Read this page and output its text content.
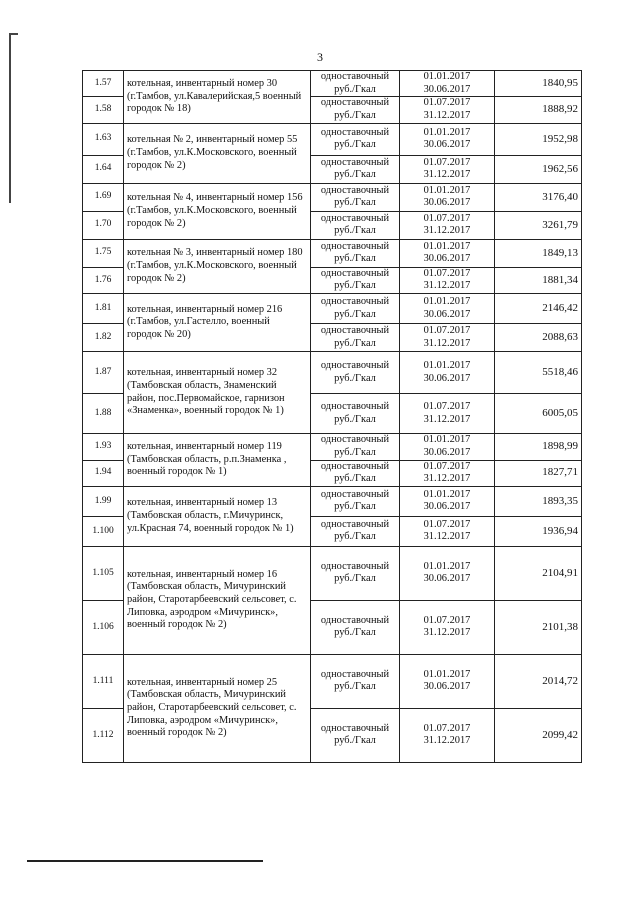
3
1.57	котельная, инвентарный номер 30 (г.Тамбов, ул.Кавалерийская,5 военный городок № 18)	одноставочный
руб./Гкал	01.01.2017
30.06.2017	1840,95
1.58		одноставочный
руб./Гкал	01.07.2017
31.12.2017	1888,92
1.63	котельная № 2, инвентарный номер 55 (г.Тамбов, ул.К.Московского, военный городок № 2)	одноставочный
руб./Гкал	01.01.2017
30.06.2017	1952,98
1.64		одноставочный
руб./Гкал	01.07.2017
31.12.2017	1962,56
1.69	котельная № 4, инвентарный номер 156 (г.Тамбов, ул.К.Московского, военный городок № 2)	одноставочный
руб./Гкал	01.01.2017
30.06.2017	3176,40
1.70		одноставочный
руб./Гкал	01.07.2017
31.12.2017	3261,79
1.75	котельная № 3, инвентарный номер 180 (г.Тамбов, ул.К.Московского, военный городок № 2)	одноставочный
руб./Гкал	01.01.2017
30.06.2017	1849,13
1.76		одноставочный
руб./Гкал	01.07.2017
31.12.2017	1881,34
1.81	котельная, инвентарный номер 216 (г.Тамбов, ул.Гастелло, военный городок № 20)	одноставочный
руб./Гкал	01.01.2017
30.06.2017	2146,42
1.82		одноставочный
руб./Гкал	01.07.2017
31.12.2017	2088,63
1.87	котельная, инвентарный номер 32 (Тамбовская область, Знаменский район, пос.Первомайское, гарнизон «Знаменка», военный городок № 1)	одноставочный
руб./Гкал	01.01.2017
30.06.2017	5518,46
1.88		одноставочный
руб./Гкал	01.07.2017
31.12.2017	6005,05
1.93	котельная, инвентарный номер 119 (Тамбовская область, р.п.Знаменка , военный городок № 1)	одноставочный
руб./Гкал	01.01.2017
30.06.2017	1898,99
1.94		одноставочный
руб./Гкал	01.07.2017
31.12.2017	1827,71
1.99	котельная, инвентарный номер 13 (Тамбовская область, г.Мичуринск, ул.Красная 74, военный городок № 1)	одноставочный
руб./Гкал	01.01.2017
30.06.2017	1893,35
1.100		одноставочный
руб./Гкал	01.07.2017
31.12.2017	1936,94
1.105	котельная, инвентарный номер 16 (Тамбовская область, Мичуринский район, Старотарбеевский сельсовет, с. Липовка, аэродром «Мичуринск», военный городок № 2)	одноставочный
руб./Гкал	01.01.2017
30.06.2017	2104,91
1.106		одноставочный
руб./Гкал	01.07.2017
31.12.2017	2101,38
1.111	котельная, инвентарный номер 25 (Тамбовская область, Мичуринский район, Старотарбеевский сельсовет, с. Липовка, аэродром «Мичуринск», военный городок № 2)	одноставочный
руб./Гкал	01.01.2017
30.06.2017	2014,72
1.112		одноставочный
руб./Гкал	01.07.2017
31.12.2017	2099,42
